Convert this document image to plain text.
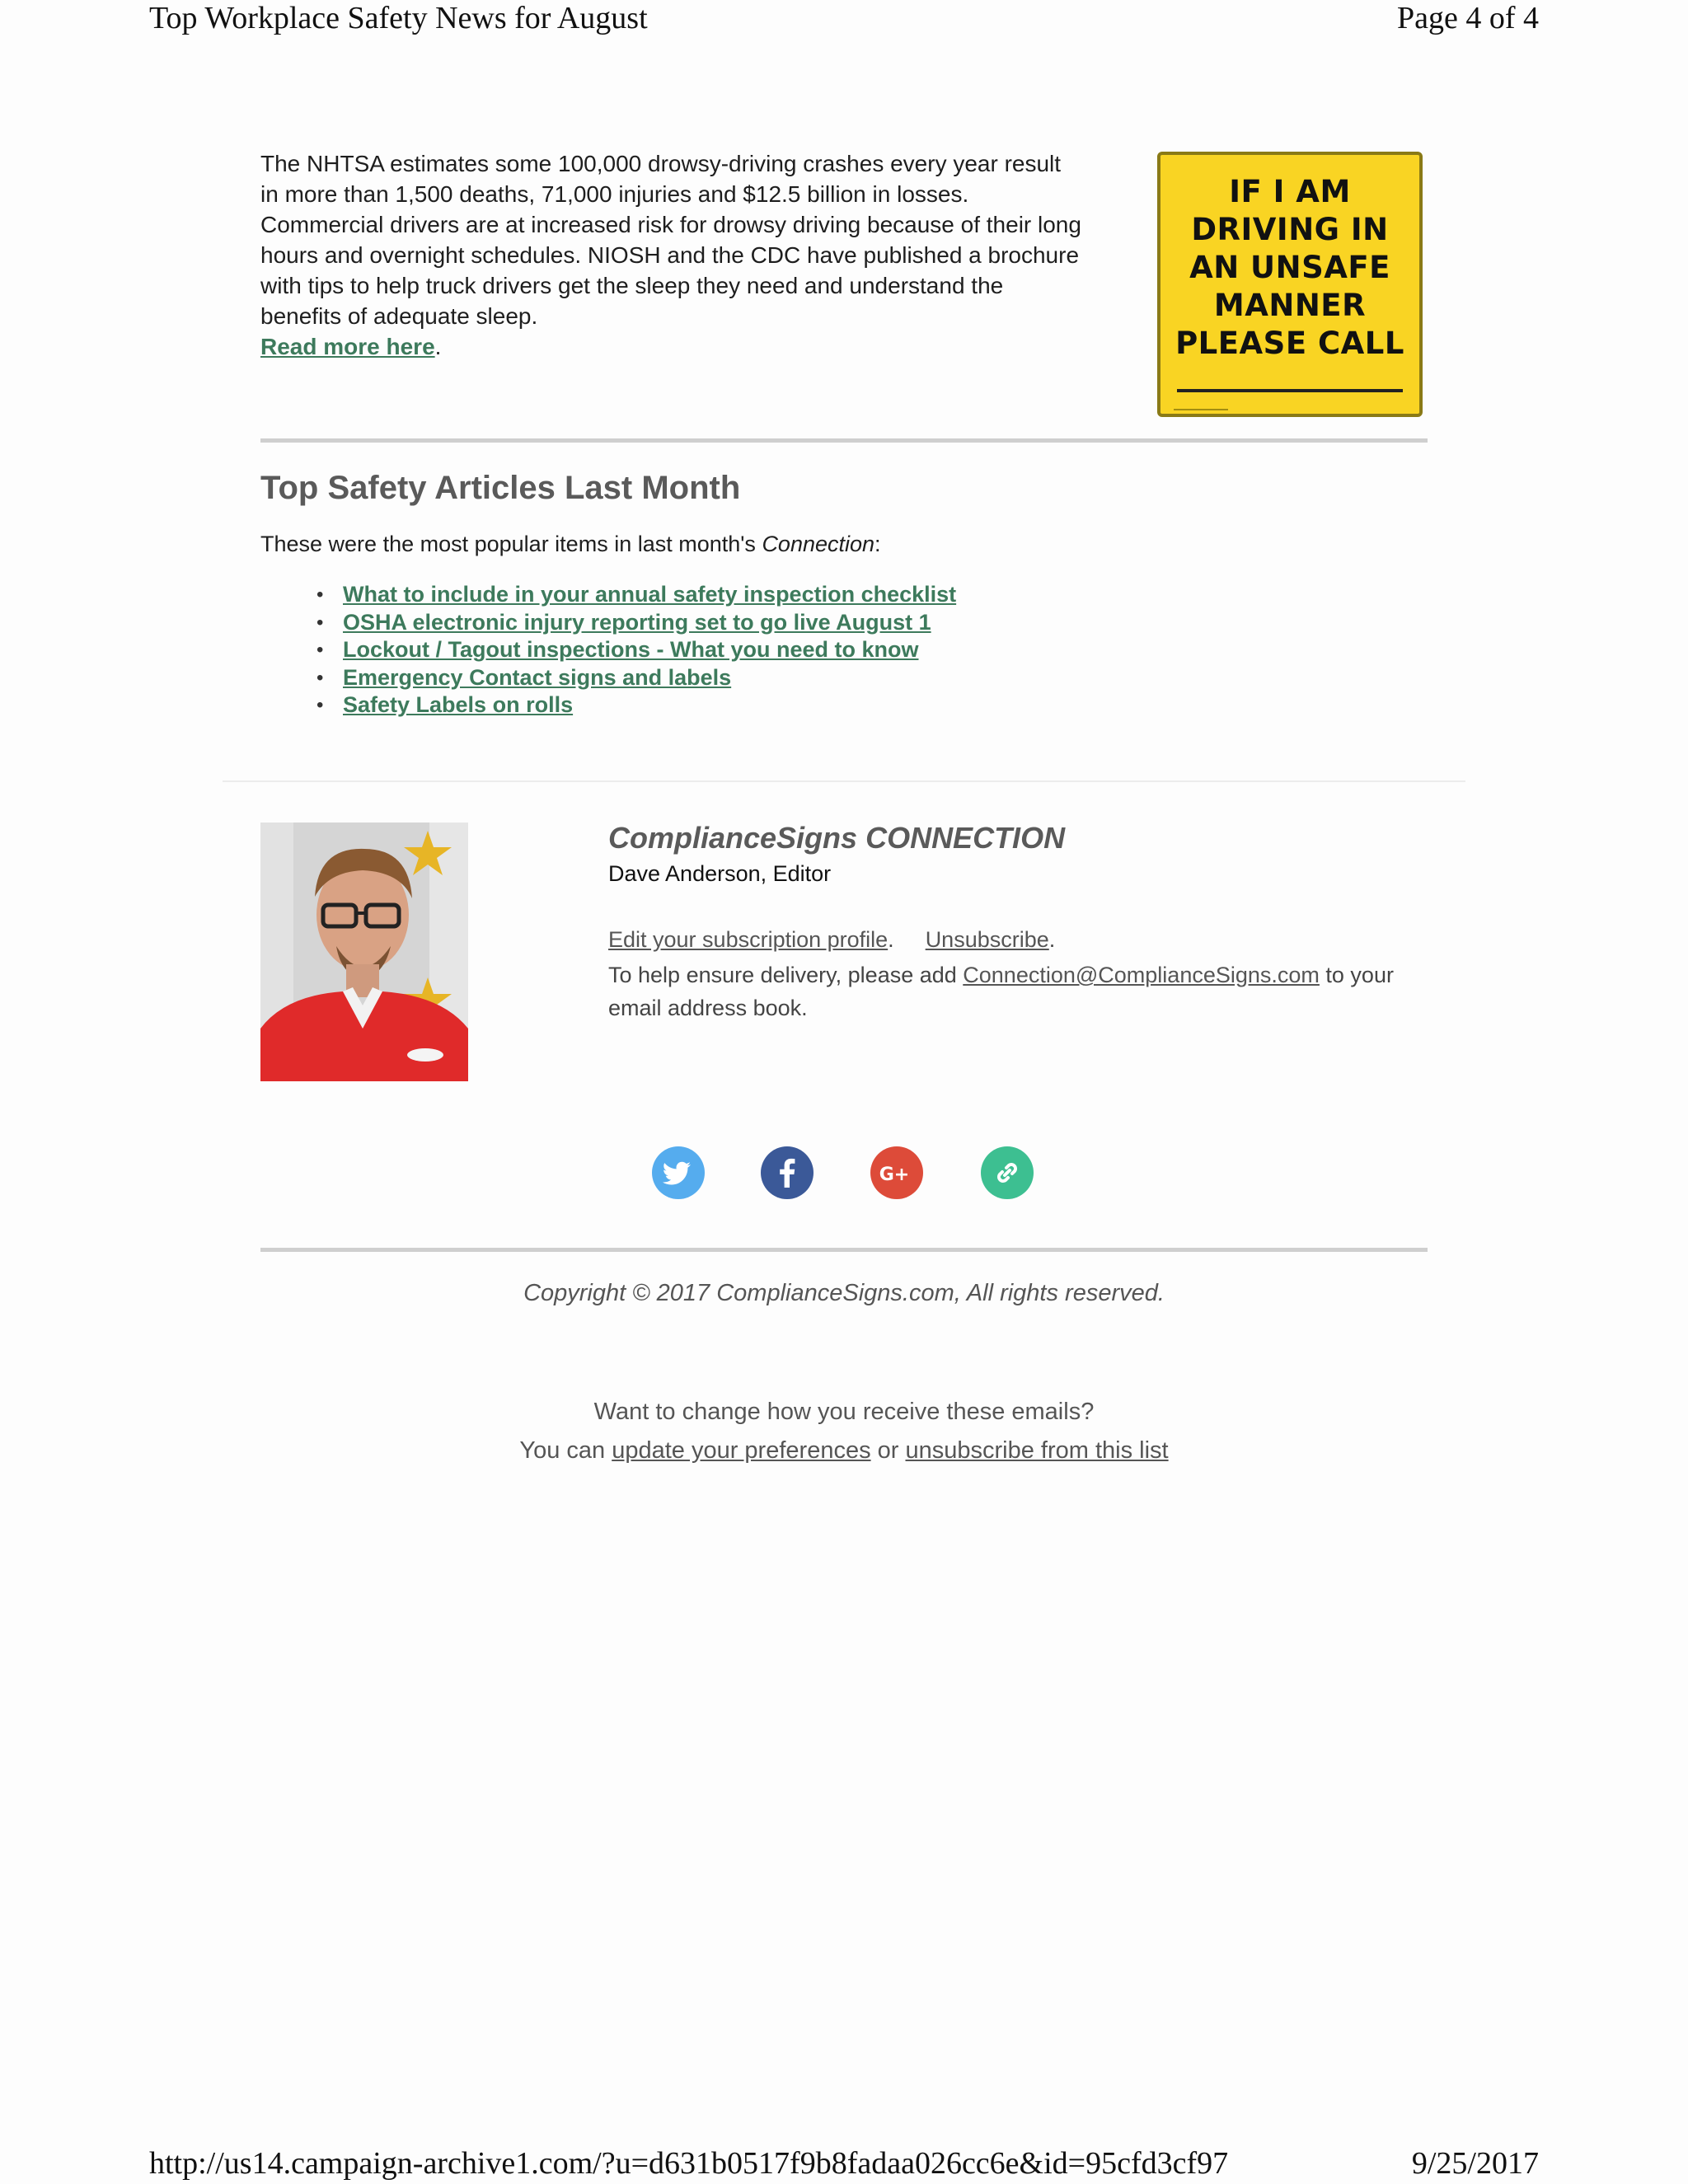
Top Workplace Safety News for August	Page 4 of 4
The NHTSA estimates some 100,000 drowsy-driving crashes every year result in more than 1,500 deaths, 71,000 injuries and $12.5 billion in losses. Commercial drivers are at increased risk for drowsy driving because of their long hours and overnight schedules. NIOSH and the CDC have published a brochure with tips to help truck drivers get the sleep they need and understand the benefits of adequate sleep.
Read more here.
IF I AM
DRIVING IN
AN UNSAFE
MANNER
PLEASE CALL
Top Safety Articles Last Month
These were the most popular items in last month's Connection:
• What to include in your annual safety inspection checklist
• OSHA electronic injury reporting set to go live August 1
• Lockout / Tagout inspections - What you need to know
• Emergency Contact signs and labels
• Safety Labels on rolls
ComplianceSigns CONNECTION
Dave Anderson, Editor
Edit your subscription profile. Unsubscribe.
To help ensure delivery, please add Connection@ComplianceSigns.com to your email address book.
G+
Copyright © 2017 ComplianceSigns.com, All rights reserved.
Want to change how you receive these emails?
You can update your preferences or unsubscribe from this list
http://us14.campaign-archive1.com/?u=d631b0517f9b8fadaa026cc6e&id=95cfd3cf97	9/25/2017
